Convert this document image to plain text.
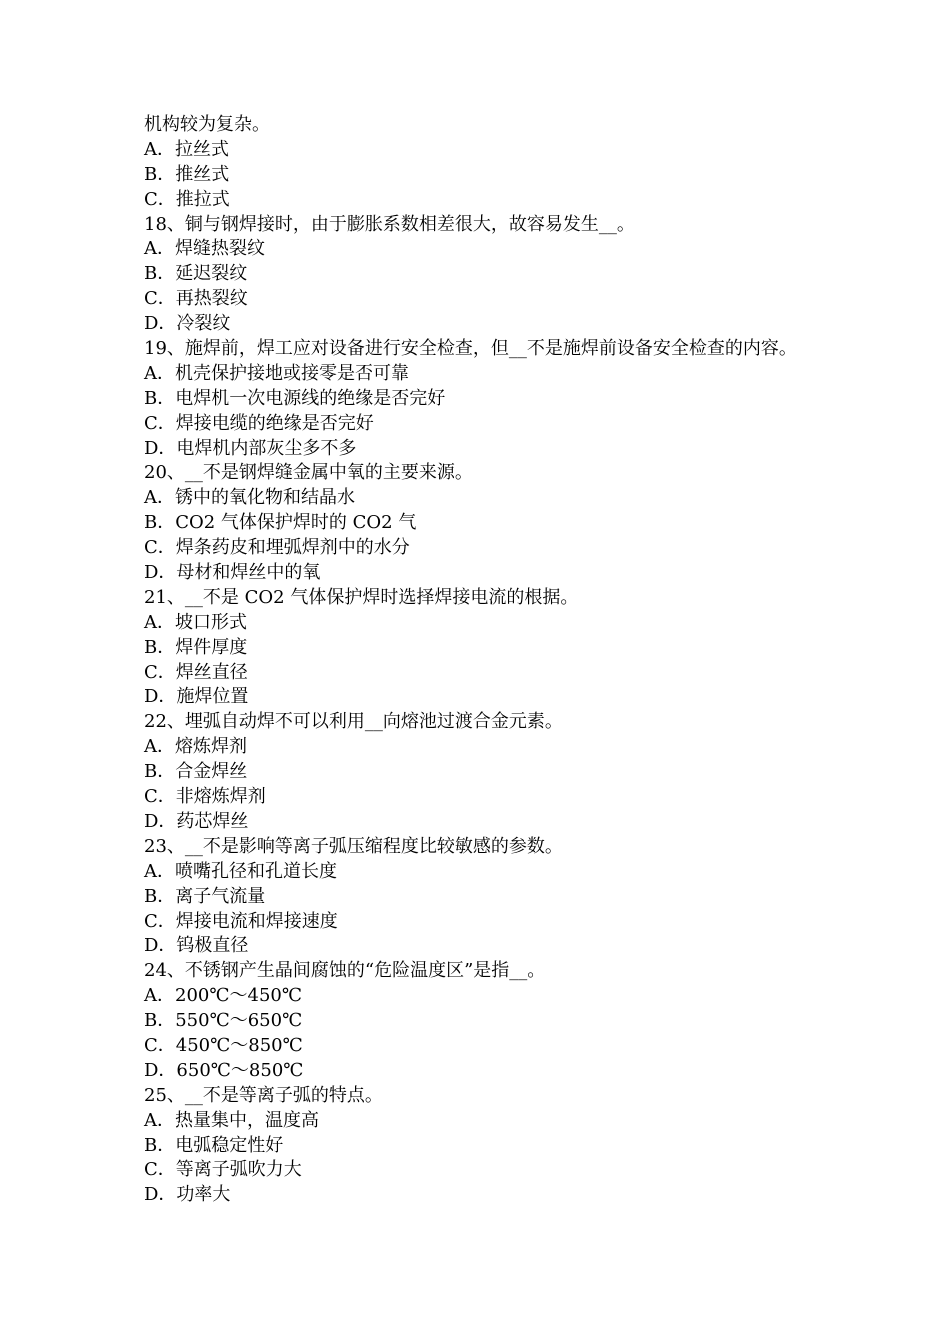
机构较为复杂。
A．拉丝式
B．推丝式
C．推拉式
18、铜与钢焊接时，由于膨胀系数相差很大，故容易发生__。
A．焊缝热裂纹
B．延迟裂纹
C．再热裂纹
D．冷裂纹
19、施焊前，焊工应对设备进行安全检查，但__不是施焊前设备安全检查的内容。
A．机壳保护接地或接零是否可靠
B．电焊机一次电源线的绝缘是否完好
C．焊接电缆的绝缘是否完好
D．电焊机内部灰尘多不多
20、__不是钢焊缝金属中氧的主要来源。
A．锈中的氧化物和结晶水
B．CO2 气体保护焊时的 CO2 气
C．焊条药皮和埋弧焊剂中的水分
D．母材和焊丝中的氧
21、__不是 CO2 气体保护焊时选择焊接电流的根据。
A．坡口形式
B．焊件厚度
C．焊丝直径
D．施焊位置
22、埋弧自动焊不可以利用__向熔池过渡合金元素。
A．熔炼焊剂
B．合金焊丝
C．非熔炼焊剂
D．药芯焊丝
23、__不是影响等离子弧压缩程度比较敏感的参数。
A．喷嘴孔径和孔道长度
B．离子气流量
C．焊接电流和焊接速度
D．钨极直径
24、不锈钢产生晶间腐蚀的“危险温度区”是指__。
A．200℃～450℃
B．550℃～650℃
C．450℃～850℃
D．650℃～850℃
25、__不是等离子弧的特点。
A．热量集中，温度高
B．电弧稳定性好
C．等离子弧吹力大
D．功率大
